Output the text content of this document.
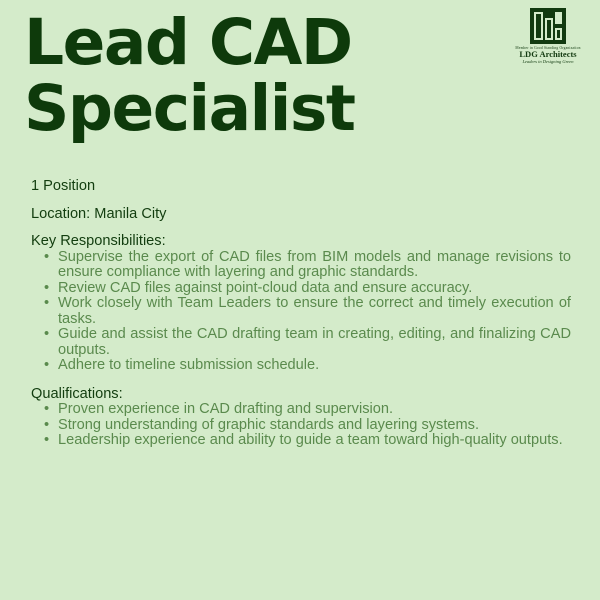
Lead CAD
Specialist
Member in Good Standing Organization
LDG Architects
Leaders in Designing Green

1 Position

Location: Manila City

Key Responsibilities:

• Supervise the export of CAD files from BIM models and manage revisions to ensure compliance with layering and graphic standards.
• Review CAD files against point-cloud data and ensure accuracy.
• Work closely with Team Leaders to ensure the correct and timely execution of tasks.
• Guide and assist the CAD drafting team in creating, editing, and finalizing CAD outputs.
• Adhere to timeline submission schedule.

Qualifications:

• Proven experience in CAD drafting and supervision.
• Strong understanding of graphic standards and layering systems.
• Leadership experience and ability to guide a team toward high-quality outputs.
